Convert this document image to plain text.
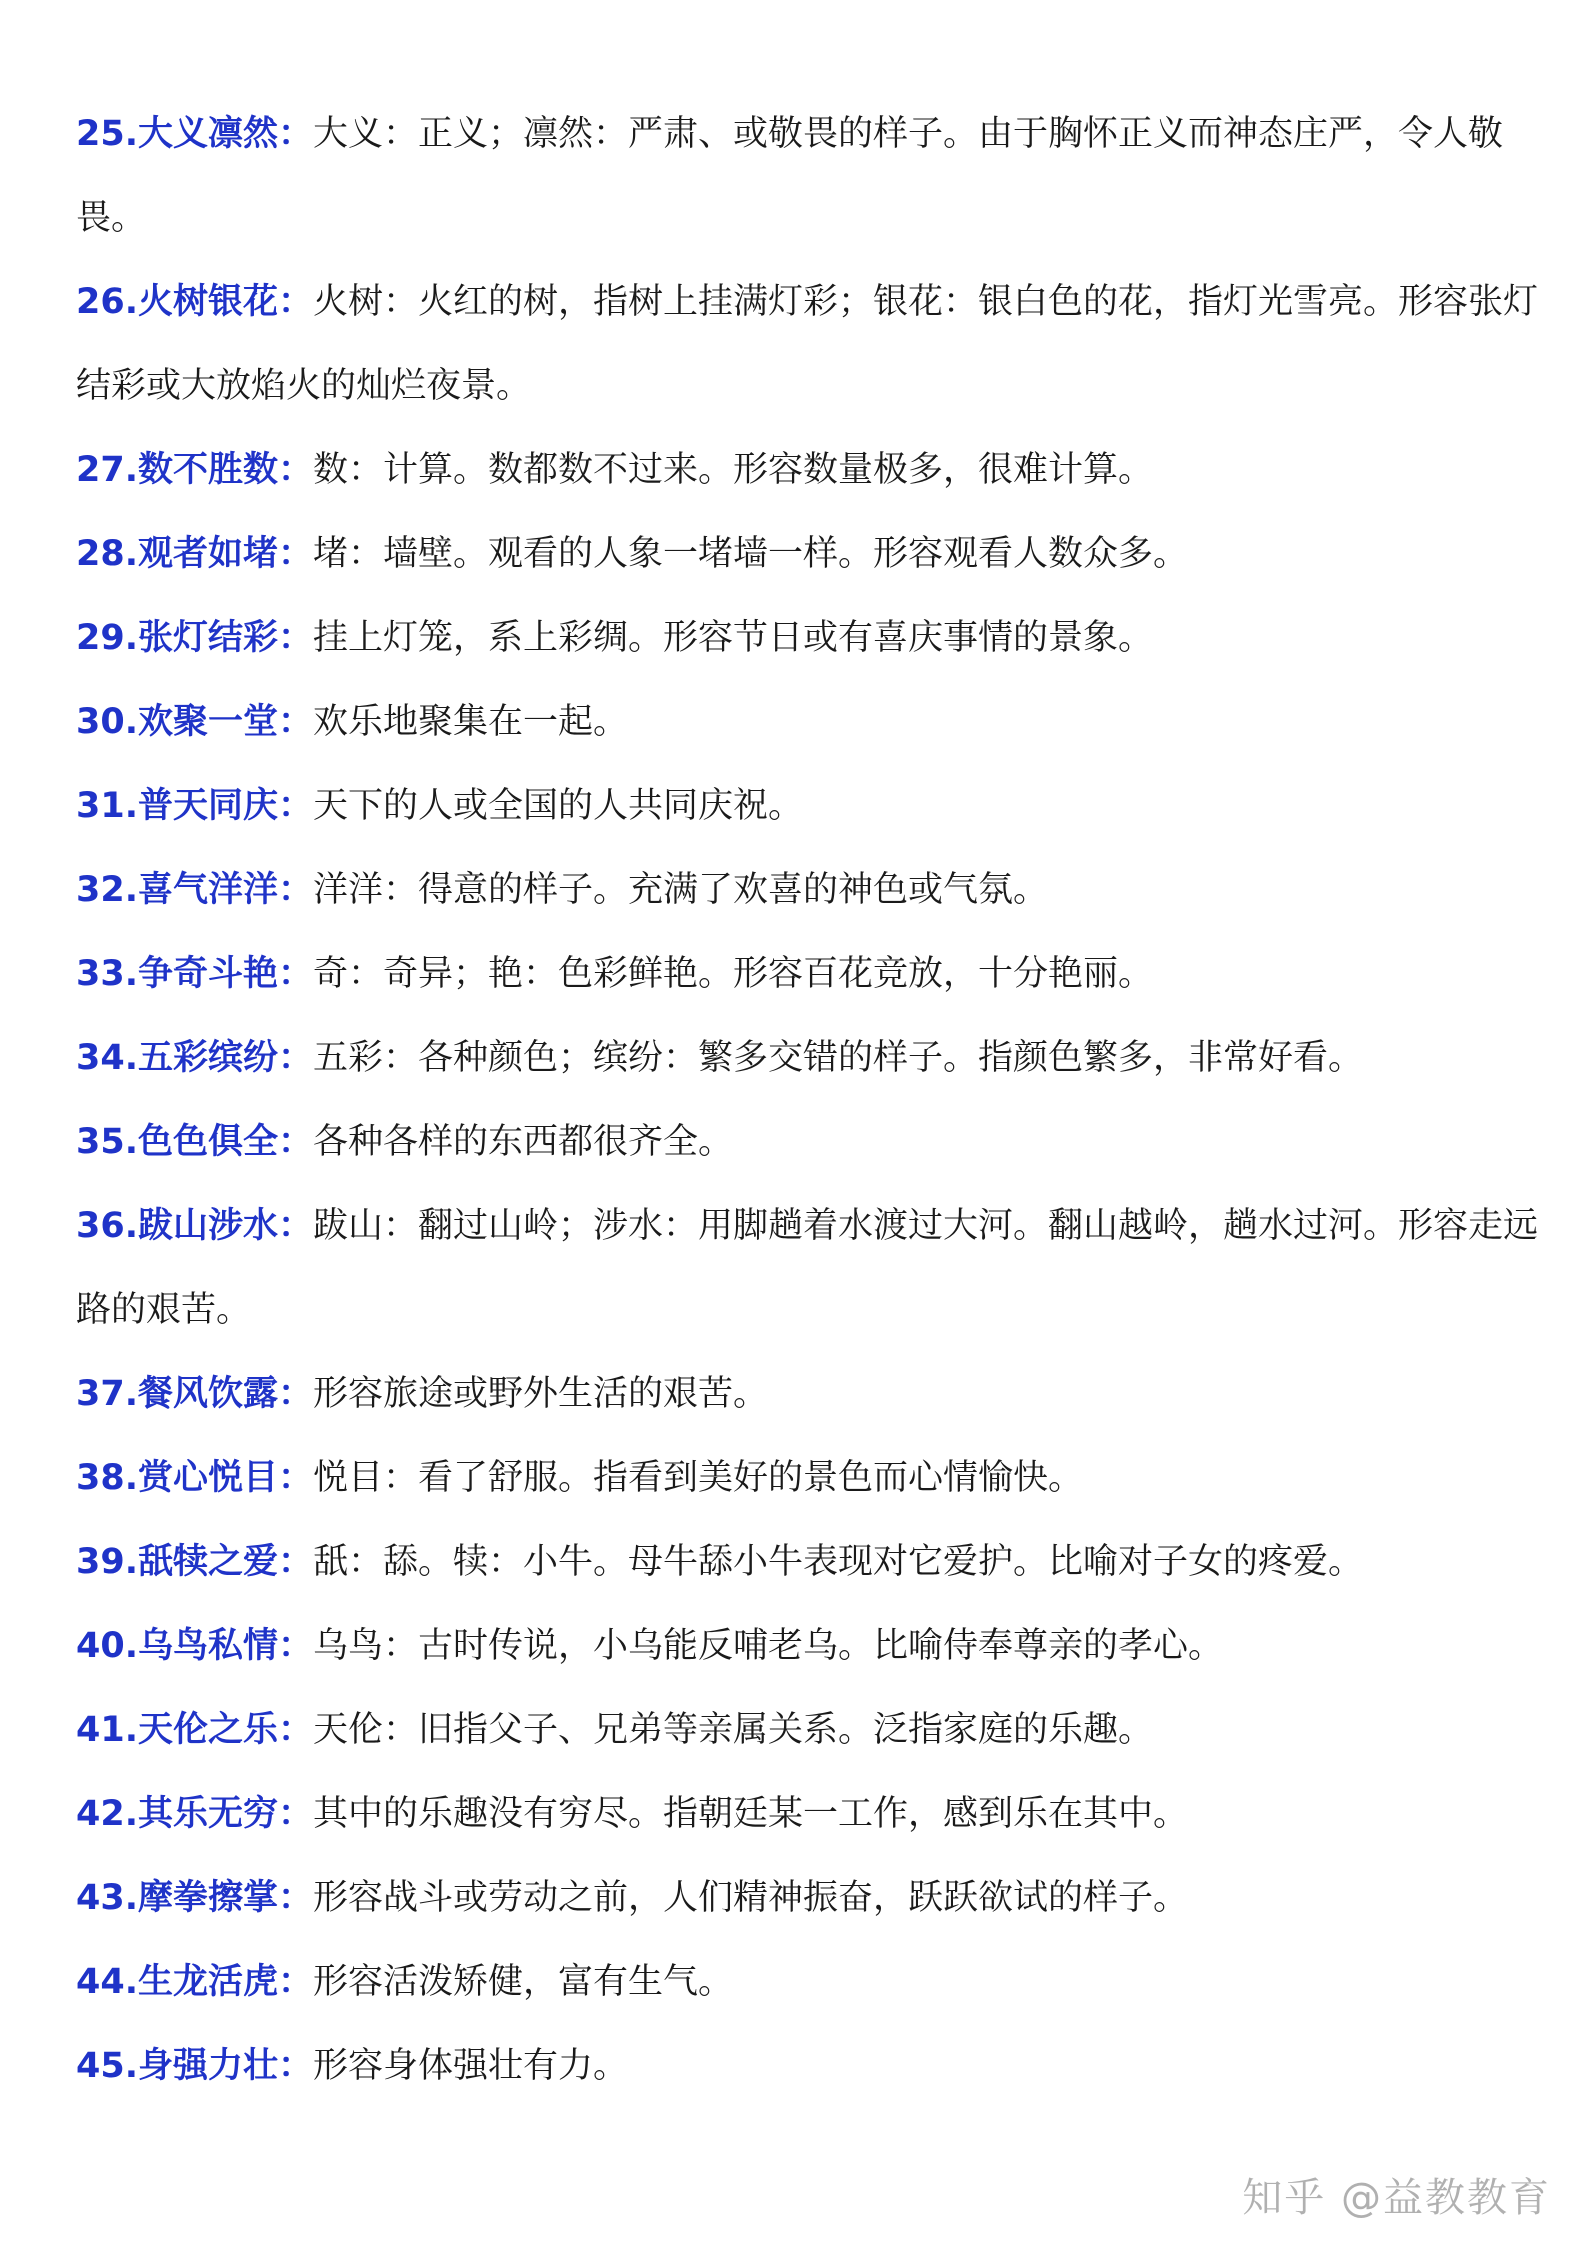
25.大义凛然：大义：正义；凛然：严肃、或敬畏的样子。由于胸怀正义而神态庄严，令人敬畏。
26.火树银花：火树：火红的树，指树上挂满灯彩；银花：银白色的花，指灯光雪亮。形容张灯结彩或大放焰火的灿烂夜景。
27.数不胜数：数：计算。数都数不过来。形容数量极多，很难计算。
28.观者如堵：堵：墙壁。观看的人象一堵墙一样。形容观看人数众多。
29.张灯结彩：挂上灯笼，系上彩绸。形容节日或有喜庆事情的景象。
30.欢聚一堂：欢乐地聚集在一起。
31.普天同庆：天下的人或全国的人共同庆祝。
32.喜气洋洋：洋洋：得意的样子。充满了欢喜的神色或气氛。
33.争奇斗艳：奇：奇异；艳：色彩鲜艳。形容百花竞放，十分艳丽。
34.五彩缤纷：五彩：各种颜色；缤纷：繁多交错的样子。指颜色繁多，非常好看。
35.色色俱全：各种各样的东西都很齐全。
36.跋山涉水：跋山：翻过山岭；涉水：用脚趟着水渡过大河。翻山越岭，趟水过河。形容走远路的艰苦。
37.餐风饮露：形容旅途或野外生活的艰苦。
38.赏心悦目：悦目：看了舒服。指看到美好的景色而心情愉快。
39.舐犊之爱：舐：舔。犊：小牛。母牛舔小牛表现对它爱护。比喻对子女的疼爱。
40.乌鸟私情：乌鸟：古时传说，小乌能反哺老乌。比喻侍奉尊亲的孝心。
41.天伦之乐：天伦：旧指父子、兄弟等亲属关系。泛指家庭的乐趣。
42.其乐无穷：其中的乐趣没有穷尽。指朝廷某一工作，感到乐在其中。
43.摩拳擦掌：形容战斗或劳动之前，人们精神振奋，跃跃欲试的样子。
44.生龙活虎：形容活泼矫健，富有生气。
45.身强力壮：形容身体强壮有力。
知乎 @益教教育
